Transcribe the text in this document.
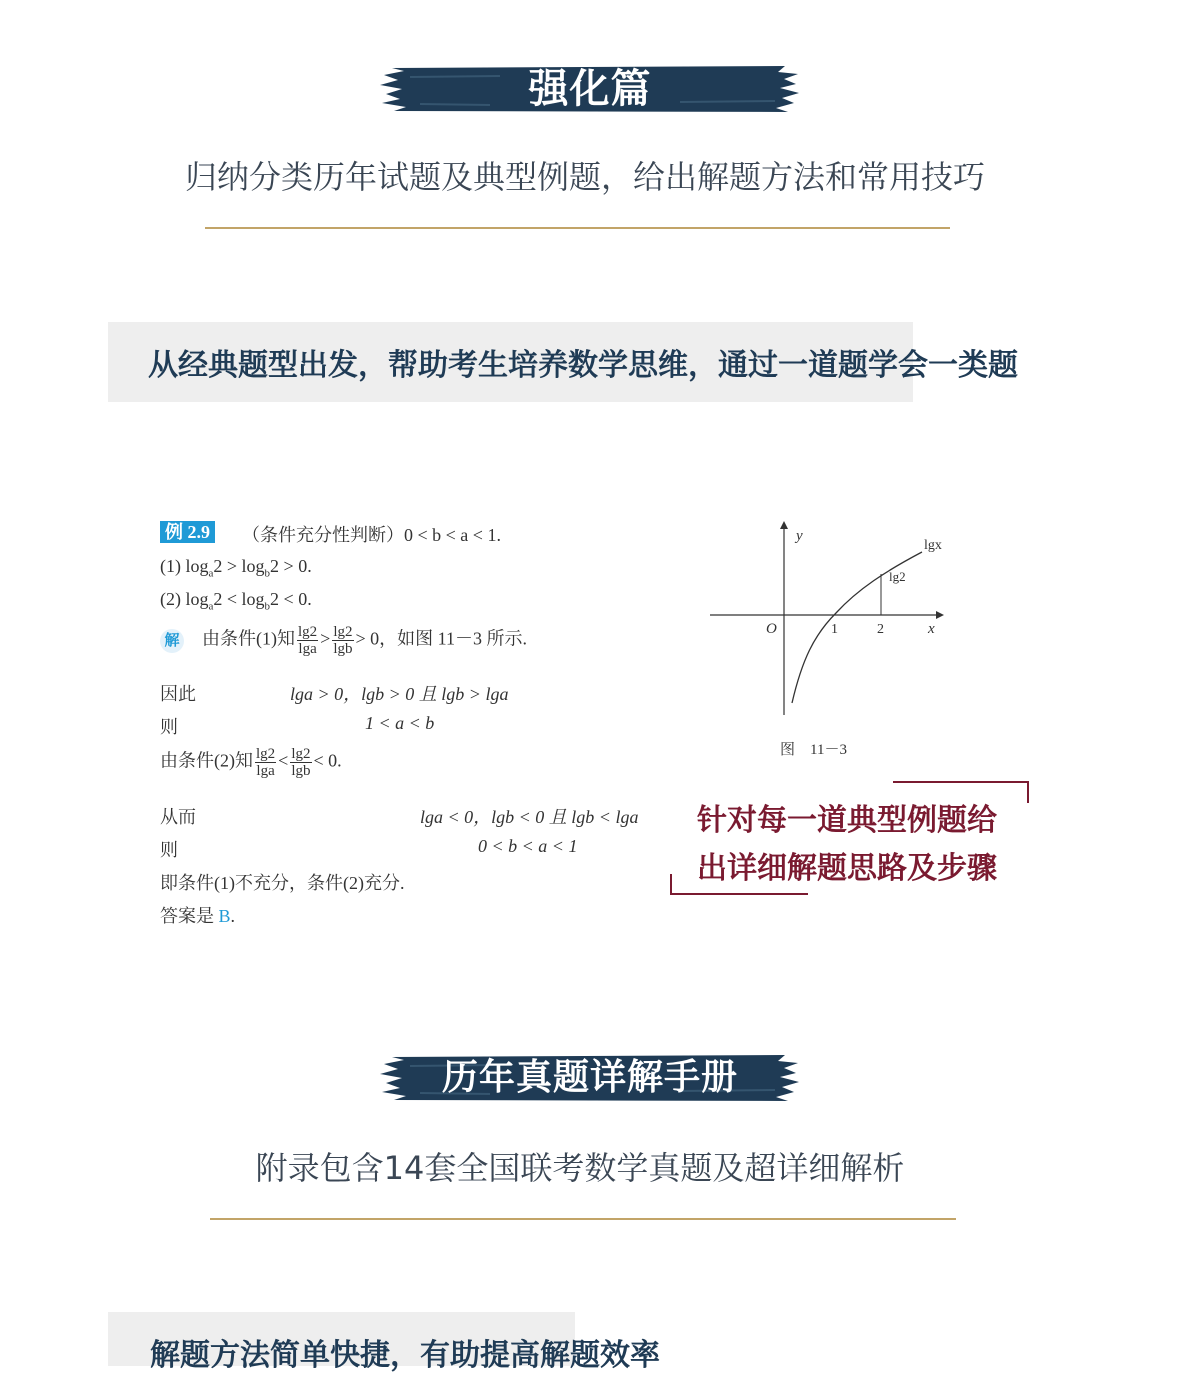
强化篇
归纳分类历年试题及典型例题，给出解题方法和常用技巧
从经典题型出发，帮助考生培养数学思维，通过一道题学会一类题
例 2.9 （条件充分性判断）0 < b < a < 1.
(1) $\log_a2 > \log_b2 > 0$.
(2) $\log_a2 < \log_b2 < 0$.
解 由条件(1)知 $\frac{\lg 2}{\lg a} > \frac{\lg 2}{\lg b} > 0$，如图 11－3 所示.
因此	lga > 0，lgb > 0 且 lgb > lga
则	1 < a < b
由条件(2)知 $\frac{\lg 2}{\lg a} < \frac{\lg 2}{\lg b} < 0$.
从而	lga < 0，lgb < 0 且 lgb < lga
则	0 < b < a < 1
即条件(1)不充分，条件(2)充分.
答案是 B.
y
x
O	1	2
lgx
lg2
图　11－3
针对每一道典型例题给
出详细解题思路及步骤
历年真题详解手册
附录包含14套全国联考数学真题及超详细解析
解题方法简单快捷，有助提高解题效率
